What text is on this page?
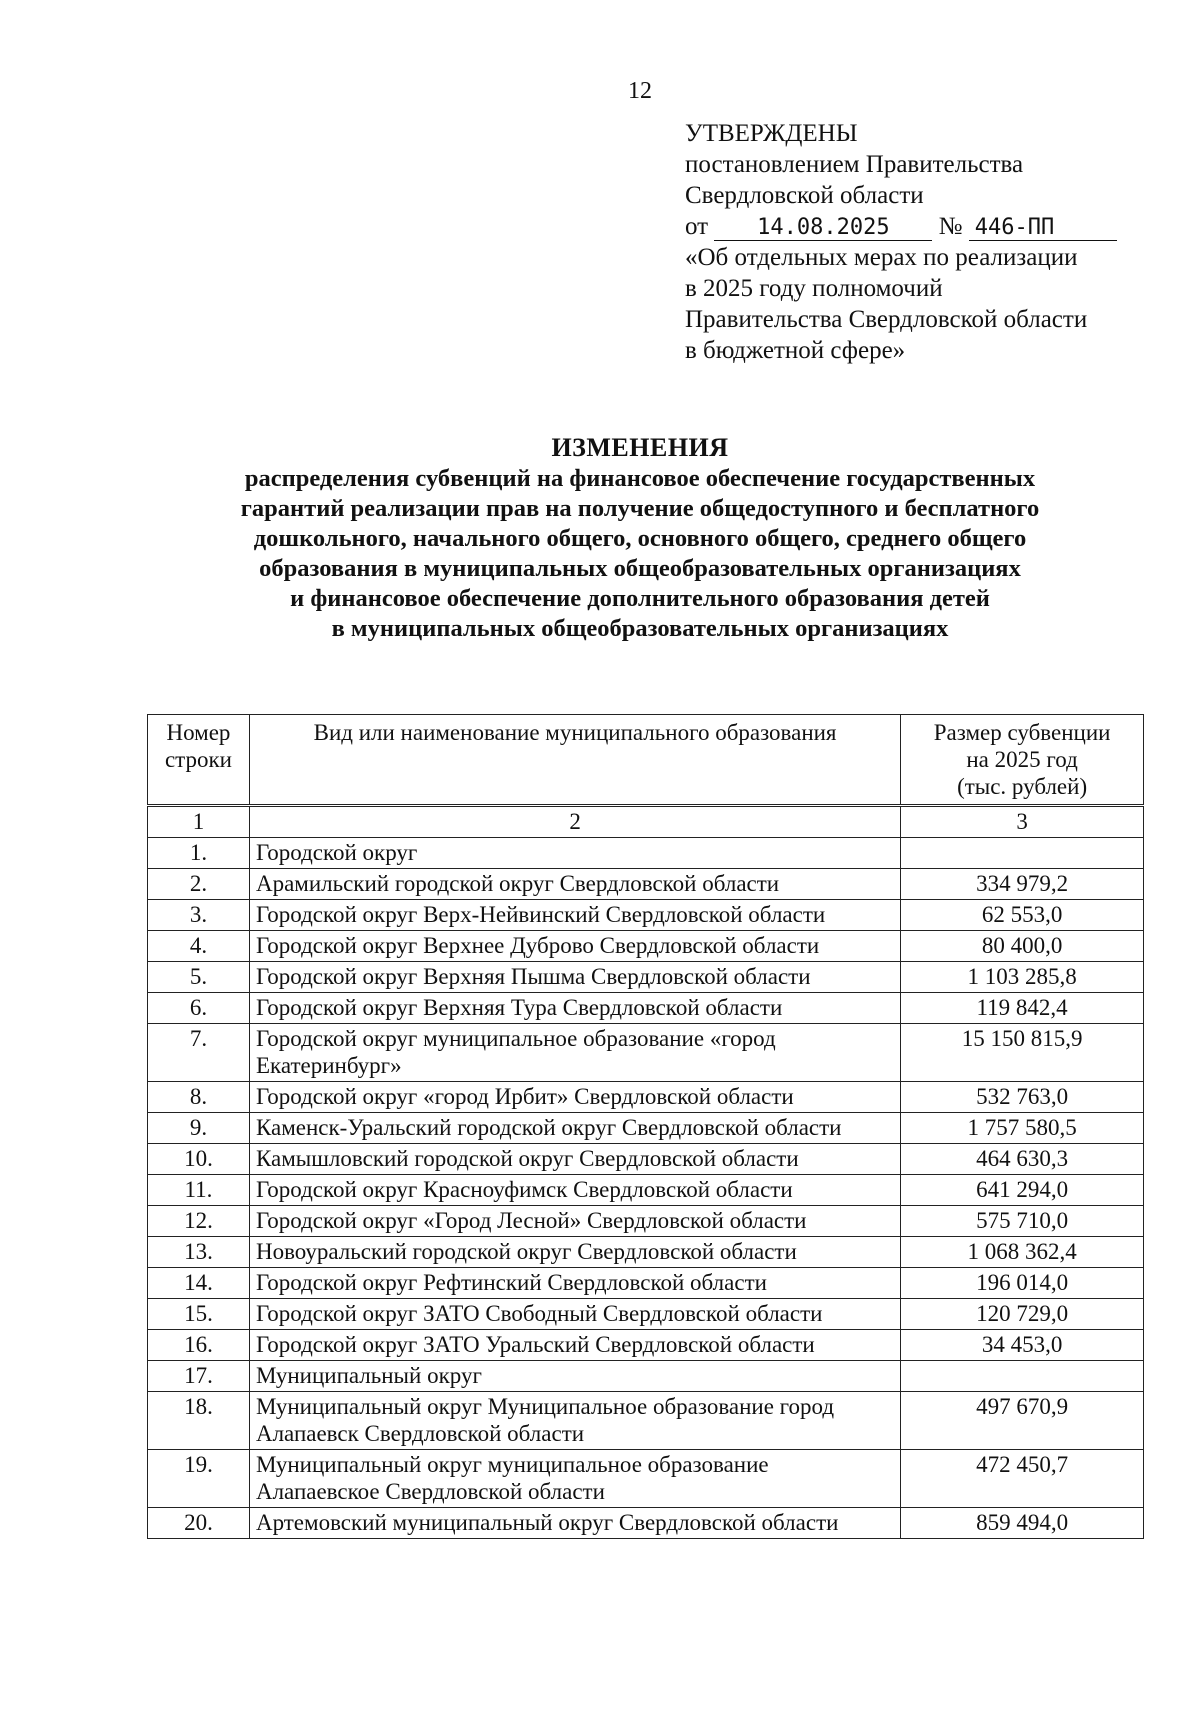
12
УТВЕРЖДЕНЫ
постановлением Правительства
Свердловской области
от 14.08.2025 № 446-ПП
«Об отдельных мерах по реализации
в 2025 году полномочий
Правительства Свердловской области
в бюджетной сфере»
ИЗМЕНЕНИЯ
распределения субвенций на финансовое обеспечение государственных
гарантий реализации прав на получение общедоступного и бесплатного
дошкольного, начального общего, основного общего, среднего общего
образования в муниципальных общеобразовательных организациях
и финансовое обеспечение дополнительного образования детей
в муниципальных общеобразовательных организациях
Номер строки	Вид или наименование муниципального образования	Размер субвенции
на 2025 год
(тыс. рублей)

1	2	3
1.	Городской округ	
2.	Арамильский городской округ Свердловской области	334 979,2
3.	Городской округ Верх-Нейвинский Свердловской области	62 553,0
4.	Городской округ Верхнее Дуброво Свердловской области	80 400,0
5.	Городской округ Верхняя Пышма Свердловской области	1 103 285,8
6.	Городской округ Верхняя Тура Свердловской области	119 842,4
7.	Городской округ муниципальное образование «город Екатеринбург»	15 150 815,9
8.	Городской округ «город Ирбит» Свердловской области	532 763,0
9.	Каменск-Уральский городской округ Свердловской области	1 757 580,5
10.	Камышловский городской округ Свердловской области	464 630,3
11.	Городской округ Красноуфимск Свердловской области	641 294,0
12.	Городской округ «Город Лесной» Свердловской области	575 710,0
13.	Новоуральский городской округ Свердловской области	1 068 362,4
14.	Городской округ Рефтинский Свердловской области	196 014,0
15.	Городской округ ЗАТО Свободный Свердловской области	120 729,0
16.	Городской округ ЗАТО Уральский Свердловской области	34 453,0
17.	Муниципальный округ	
18.	Муниципальный округ Муниципальное образование город Алапаевск Свердловской области	497 670,9
19.	Муниципальный округ муниципальное образование Алапаевское Свердловской области	472 450,7
20.	Артемовский муниципальный округ Свердловской области	859 494,0
